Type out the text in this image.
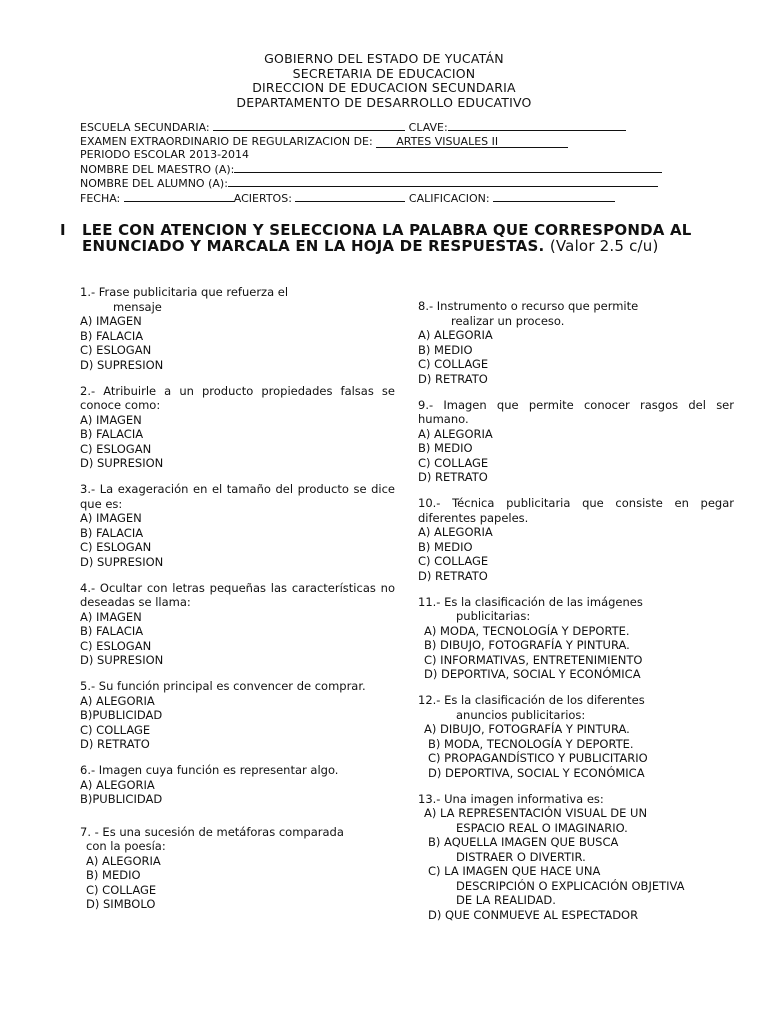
GOBIERNO DEL ESTADO DE YUCATÁN
SECRETARIA DE EDUCACION
DIRECCION DE EDUCACION SECUNDARIA
DEPARTAMENTO DE DESARROLLO EDUCATIVO
ESCUELA SECUNDARIA:	CLAVE:
EXAMEN EXTRAORDINARIO DE REGULARIZACION DE: ARTES VISUALES II
PERIODO ESCOLAR 2013-2014
NOMBRE DEL MAESTRO (A):
NOMBRE DEL ALUMNO (A):
FECHA:	ACIERTOS:	CALIFICACION:
I LEE CON ATENCION Y SELECCIONA LA PALABRA QUE CORRESPONDA AL ENUNCIADO Y MARCALA EN LA HOJA DE RESPUESTAS. (Valor 2.5 c/u)
1.- Frase publicitaria que refuerza el
mensaje
A) IMAGEN
B) FALACIA
C) ESLOGAN
D) SUPRESION
2.- Atribuirle a un producto propiedades falsas se conoce como:
A) IMAGEN
B) FALACIA
C) ESLOGAN
D) SUPRESION
3.- La exageración en el tamaño del producto se dice que es:
A) IMAGEN
B) FALACIA
C) ESLOGAN
D) SUPRESION
4.- Ocultar con letras pequeñas las características no deseadas se llama:
A) IMAGEN
B) FALACIA
C) ESLOGAN
D) SUPRESION
5.- Su función principal es convencer de comprar.
A) ALEGORIA
B)PUBLICIDAD
C) COLLAGE
D) RETRATO
6.- Imagen cuya función es representar algo.
A) ALEGORIA
B)PUBLICIDAD
7. - Es una sucesión de metáforas comparada
con la poesía:
A) ALEGORIA
B) MEDIO
C) COLLAGE
D) SIMBOLO
8.- Instrumento o recurso que permite
realizar un proceso.
A) ALEGORIA
B) MEDIO
C) COLLAGE
D) RETRATO
9.- Imagen que permite conocer rasgos del ser humano.
A) ALEGORIA
B) MEDIO
C) COLLAGE
D) RETRATO
10.- Técnica publicitaria que consiste en pegar diferentes papeles.
A) ALEGORIA
B) MEDIO
C) COLLAGE
D) RETRATO
11.- Es la clasificación de las imágenes
publicitarias:
A) MODA, TECNOLOGÍA Y DEPORTE.
B) DIBUJO, FOTOGRAFÍA Y PINTURA.
C) INFORMATIVAS, ENTRETENIMIENTO
D) DEPORTIVA, SOCIAL Y ECONÓMICA
12.- Es la clasificación de los diferentes
anuncios publicitarios:
A) DIBUJO, FOTOGRAFÍA Y PINTURA.
B) MODA, TECNOLOGÍA Y DEPORTE.
C) PROPAGANDÍSTICO Y PUBLICITARIO
D) DEPORTIVA, SOCIAL Y ECONÓMICA
13.- Una imagen informativa es:
A) LA REPRESENTACIÓN VISUAL DE UN
ESPACIO REAL O IMAGINARIO.
B) AQUELLA IMAGEN QUE BUSCA
DISTRAER O DIVERTIR.
C) LA IMAGEN QUE HACE UNA
DESCRIPCIÓN O EXPLICACIÓN OBJETIVA
DE LA REALIDAD.
D) QUE CONMUEVE AL ESPECTADOR
